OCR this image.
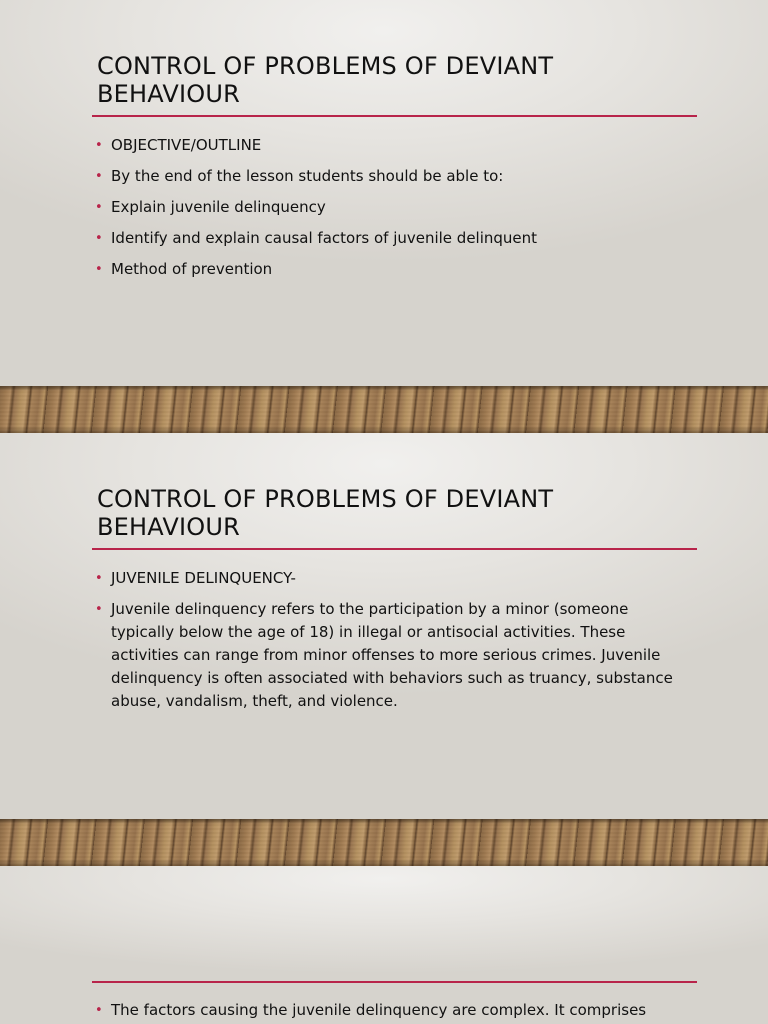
CONTROL OF PROBLEMS OF DEVIANT BEHAVIOUR
• OBJECTIVE/OUTLINE
• By the end of the lesson students should be able to:
• Explain juvenile delinquency
• Identify and explain causal factors of juvenile delinquent
• Method of prevention
CONTROL OF PROBLEMS OF DEVIANT BEHAVIOUR
• JUVENILE DELINQUENCY-
• Juvenile delinquency refers to the participation by a minor (someone typically below the age of 18) in illegal or antisocial activities. These activities can range from minor offenses to more serious crimes. Juvenile delinquency is often associated with behaviors such as truancy, substance abuse, vandalism, theft, and violence.
• The factors causing the juvenile delinquency are complex. It comprises
